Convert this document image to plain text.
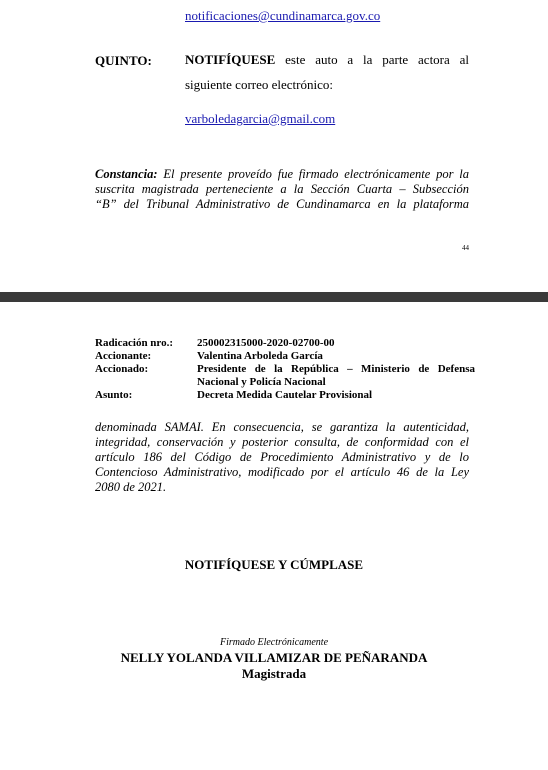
notificaciones@cundinamarca.gov.co
QUINTO:	NOTIFÍQUESE este auto a la parte actora al
siguiente correo electrónico:
varboledagarcia@gmail.com
Constancia: El presente proveído fue firmado electrónicamente por la
suscrita magistrada perteneciente a la Sección Cuarta – Subsección
“B” del Tribunal Administrativo de Cundinamarca en la plataforma
44
Radicación nro.: 250002315000-2020-02700-00
Accionante:	Valentina Arboleda García
Accionado:	Presidente de la República – Ministerio de Defensa Nacional y Policía Nacional
Asunto:	Decreta Medida Cautelar Provisional
denominada SAMAI. En consecuencia, se garantiza la autenticidad,
integridad, conservación y posterior consulta, de conformidad con el
artículo 186 del Código de Procedimiento Administrativo y de lo
Contencioso Administrativo, modificado por el artículo 46 de la Ley
2080 de 2021.
NOTIFÍQUESE Y CÚMPLASE
Firmado Electrónicamente
NELLY YOLANDA VILLAMIZAR DE PEÑARANDA
Magistrada
